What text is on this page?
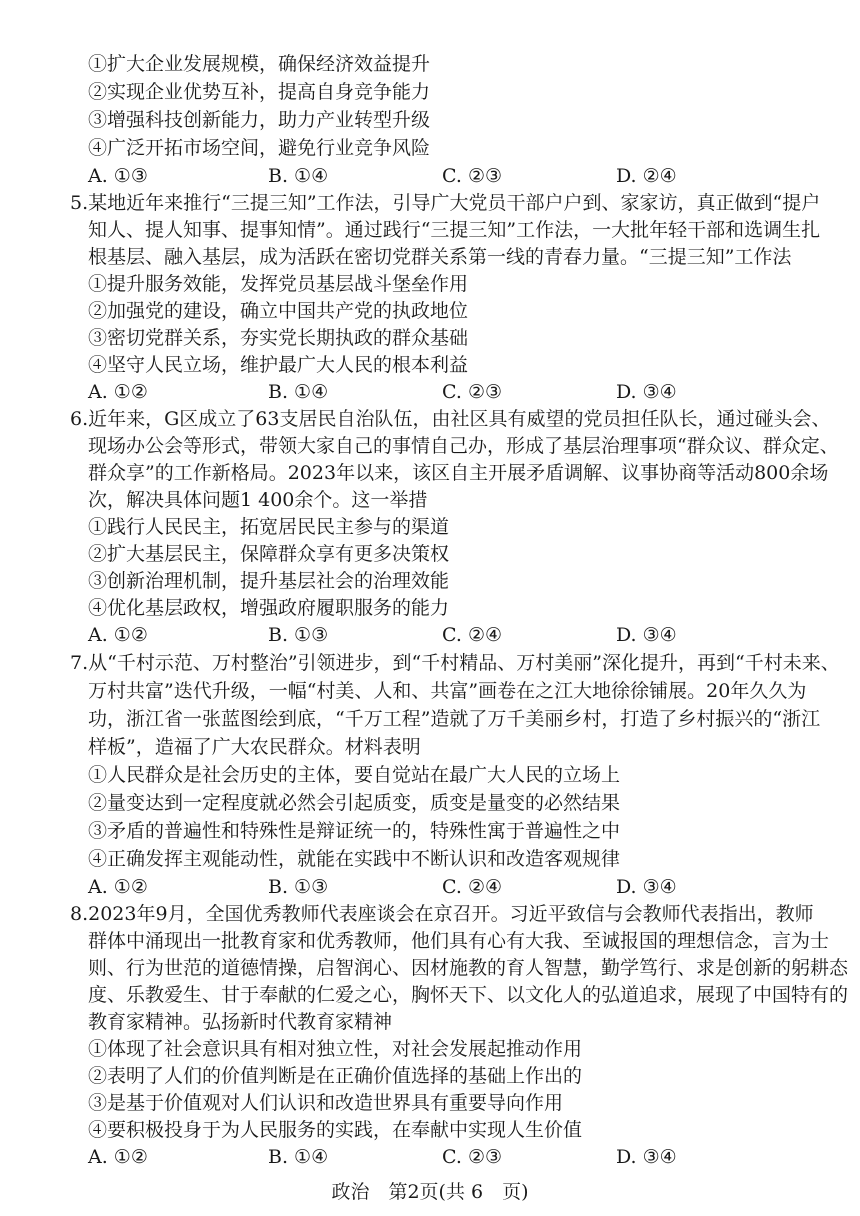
①扩大企业发展规模，确保经济效益提升
②实现企业优势互补，提高自身竞争能力
③增强科技创新能力，助力产业转型升级
④广泛开拓市场空间，避免行业竞争风险
A. ①③	B. ①④	C. ②③	D. ②④
5.某地近年来推行“三提三知”工作法，引导广大党员干部户户到、家家访，真正做到“提户
知人、提人知事、提事知情”。通过践行“三提三知”工作法，一大批年轻干部和选调生扎
根基层、融入基层，成为活跃在密切党群关系第一线的青春力量。“三提三知”工作法
①提升服务效能，发挥党员基层战斗堡垒作用
②加强党的建设，确立中国共产党的执政地位
③密切党群关系，夯实党长期执政的群众基础
④坚守人民立场，维护最广大人民的根本利益
A. ①②	B. ①④	C. ②③	D. ③④
6.近年来，G区成立了63支居民自治队伍，由社区具有威望的党员担任队长，通过碰头会、
现场办公会等形式，带领大家自己的事情自己办，形成了基层治理事项“群众议、群众定、
群众享”的工作新格局。2023年以来，该区自主开展矛盾调解、议事协商等活动800余场
次，解决具体问题1 400余个。这一举措
①践行人民民主，拓宽居民民主参与的渠道
②扩大基层民主，保障群众享有更多决策权
③创新治理机制，提升基层社会的治理效能
④优化基层政权，增强政府履职服务的能力
A. ①②	B. ①③	C. ②④	D. ③④
7.从“千村示范、万村整治”引领进步，到“千村精品、万村美丽”深化提升，再到“千村未来、
万村共富”迭代升级，一幅“村美、人和、共富”画卷在之江大地徐徐铺展。20年久久为
功，浙江省一张蓝图绘到底，“千万工程”造就了万千美丽乡村，打造了乡村振兴的“浙江
样板”，造福了广大农民群众。材料表明
①人民群众是社会历史的主体，要自觉站在最广大人民的立场上
②量变达到一定程度就必然会引起质变，质变是量变的必然结果
③矛盾的普遍性和特殊性是辩证统一的，特殊性寓于普遍性之中
④正确发挥主观能动性，就能在实践中不断认识和改造客观规律
A. ①②	B. ①③	C. ②④	D. ③④
8.2023年9月，全国优秀教师代表座谈会在京召开。习近平致信与会教师代表指出，教师
群体中涌现出一批教育家和优秀教师，他们具有心有大我、至诚报国的理想信念，言为士
则、行为世范的道德情操，启智润心、因材施教的育人智慧，勤学笃行、求是创新的躬耕态
度、乐教爱生、甘于奉献的仁爱之心，胸怀天下、以文化人的弘道追求，展现了中国特有的
教育家精神。弘扬新时代教育家精神
①体现了社会意识具有相对独立性，对社会发展起推动作用
②表明了人们的价值判断是在正确价值选择的基础上作出的
③是基于价值观对人们认识和改造世界具有重要导向作用
④要积极投身于为人民服务的实践，在奉献中实现人生价值
A. ①②	B. ①④	C. ②③	D. ③④
政治　第2页(共 6　页)
